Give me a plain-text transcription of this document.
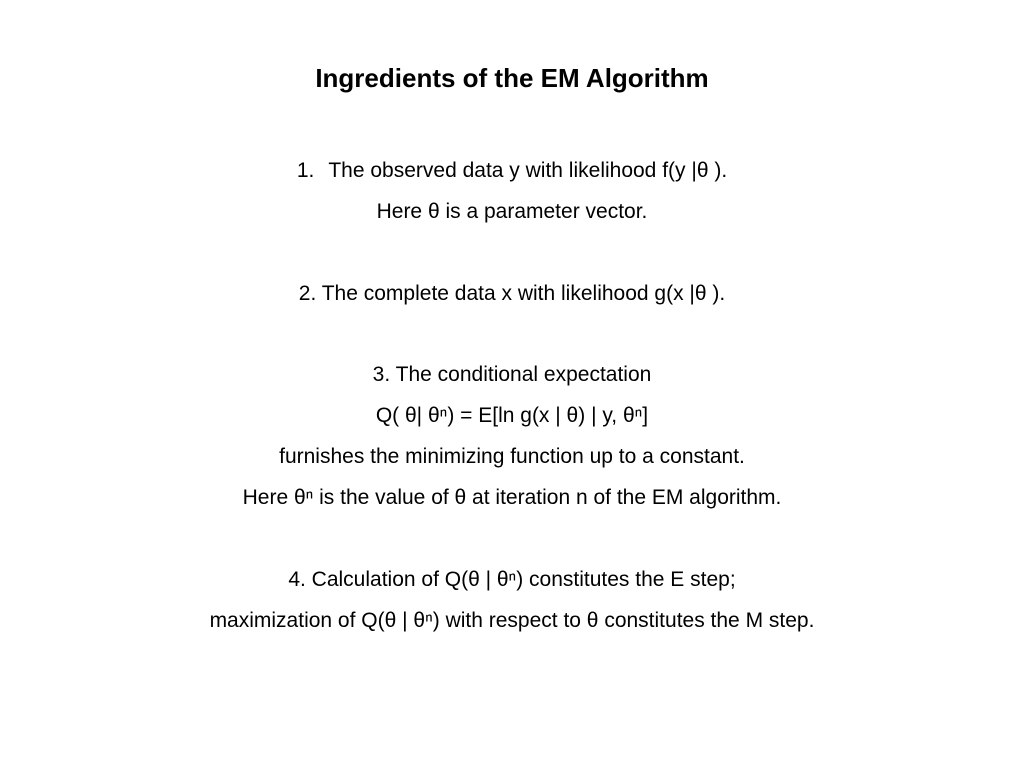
Ingredients of the EM Algorithm
1. The observed data y with likelihood f(y |θ ).
Here θ is a parameter vector.
2. The complete data x with likelihood g(x |θ ).
3. The conditional expectation
Q( θ| θⁿ) = E[ln g(x | θ) | y, θⁿ]
furnishes the minimizing function up to a constant.
Here θⁿ is the value of θ at iteration n of the EM algorithm.
4. Calculation of Q(θ | θⁿ) constitutes the E step;
maximization of Q(θ | θⁿ) with respect to θ constitutes the M step.
